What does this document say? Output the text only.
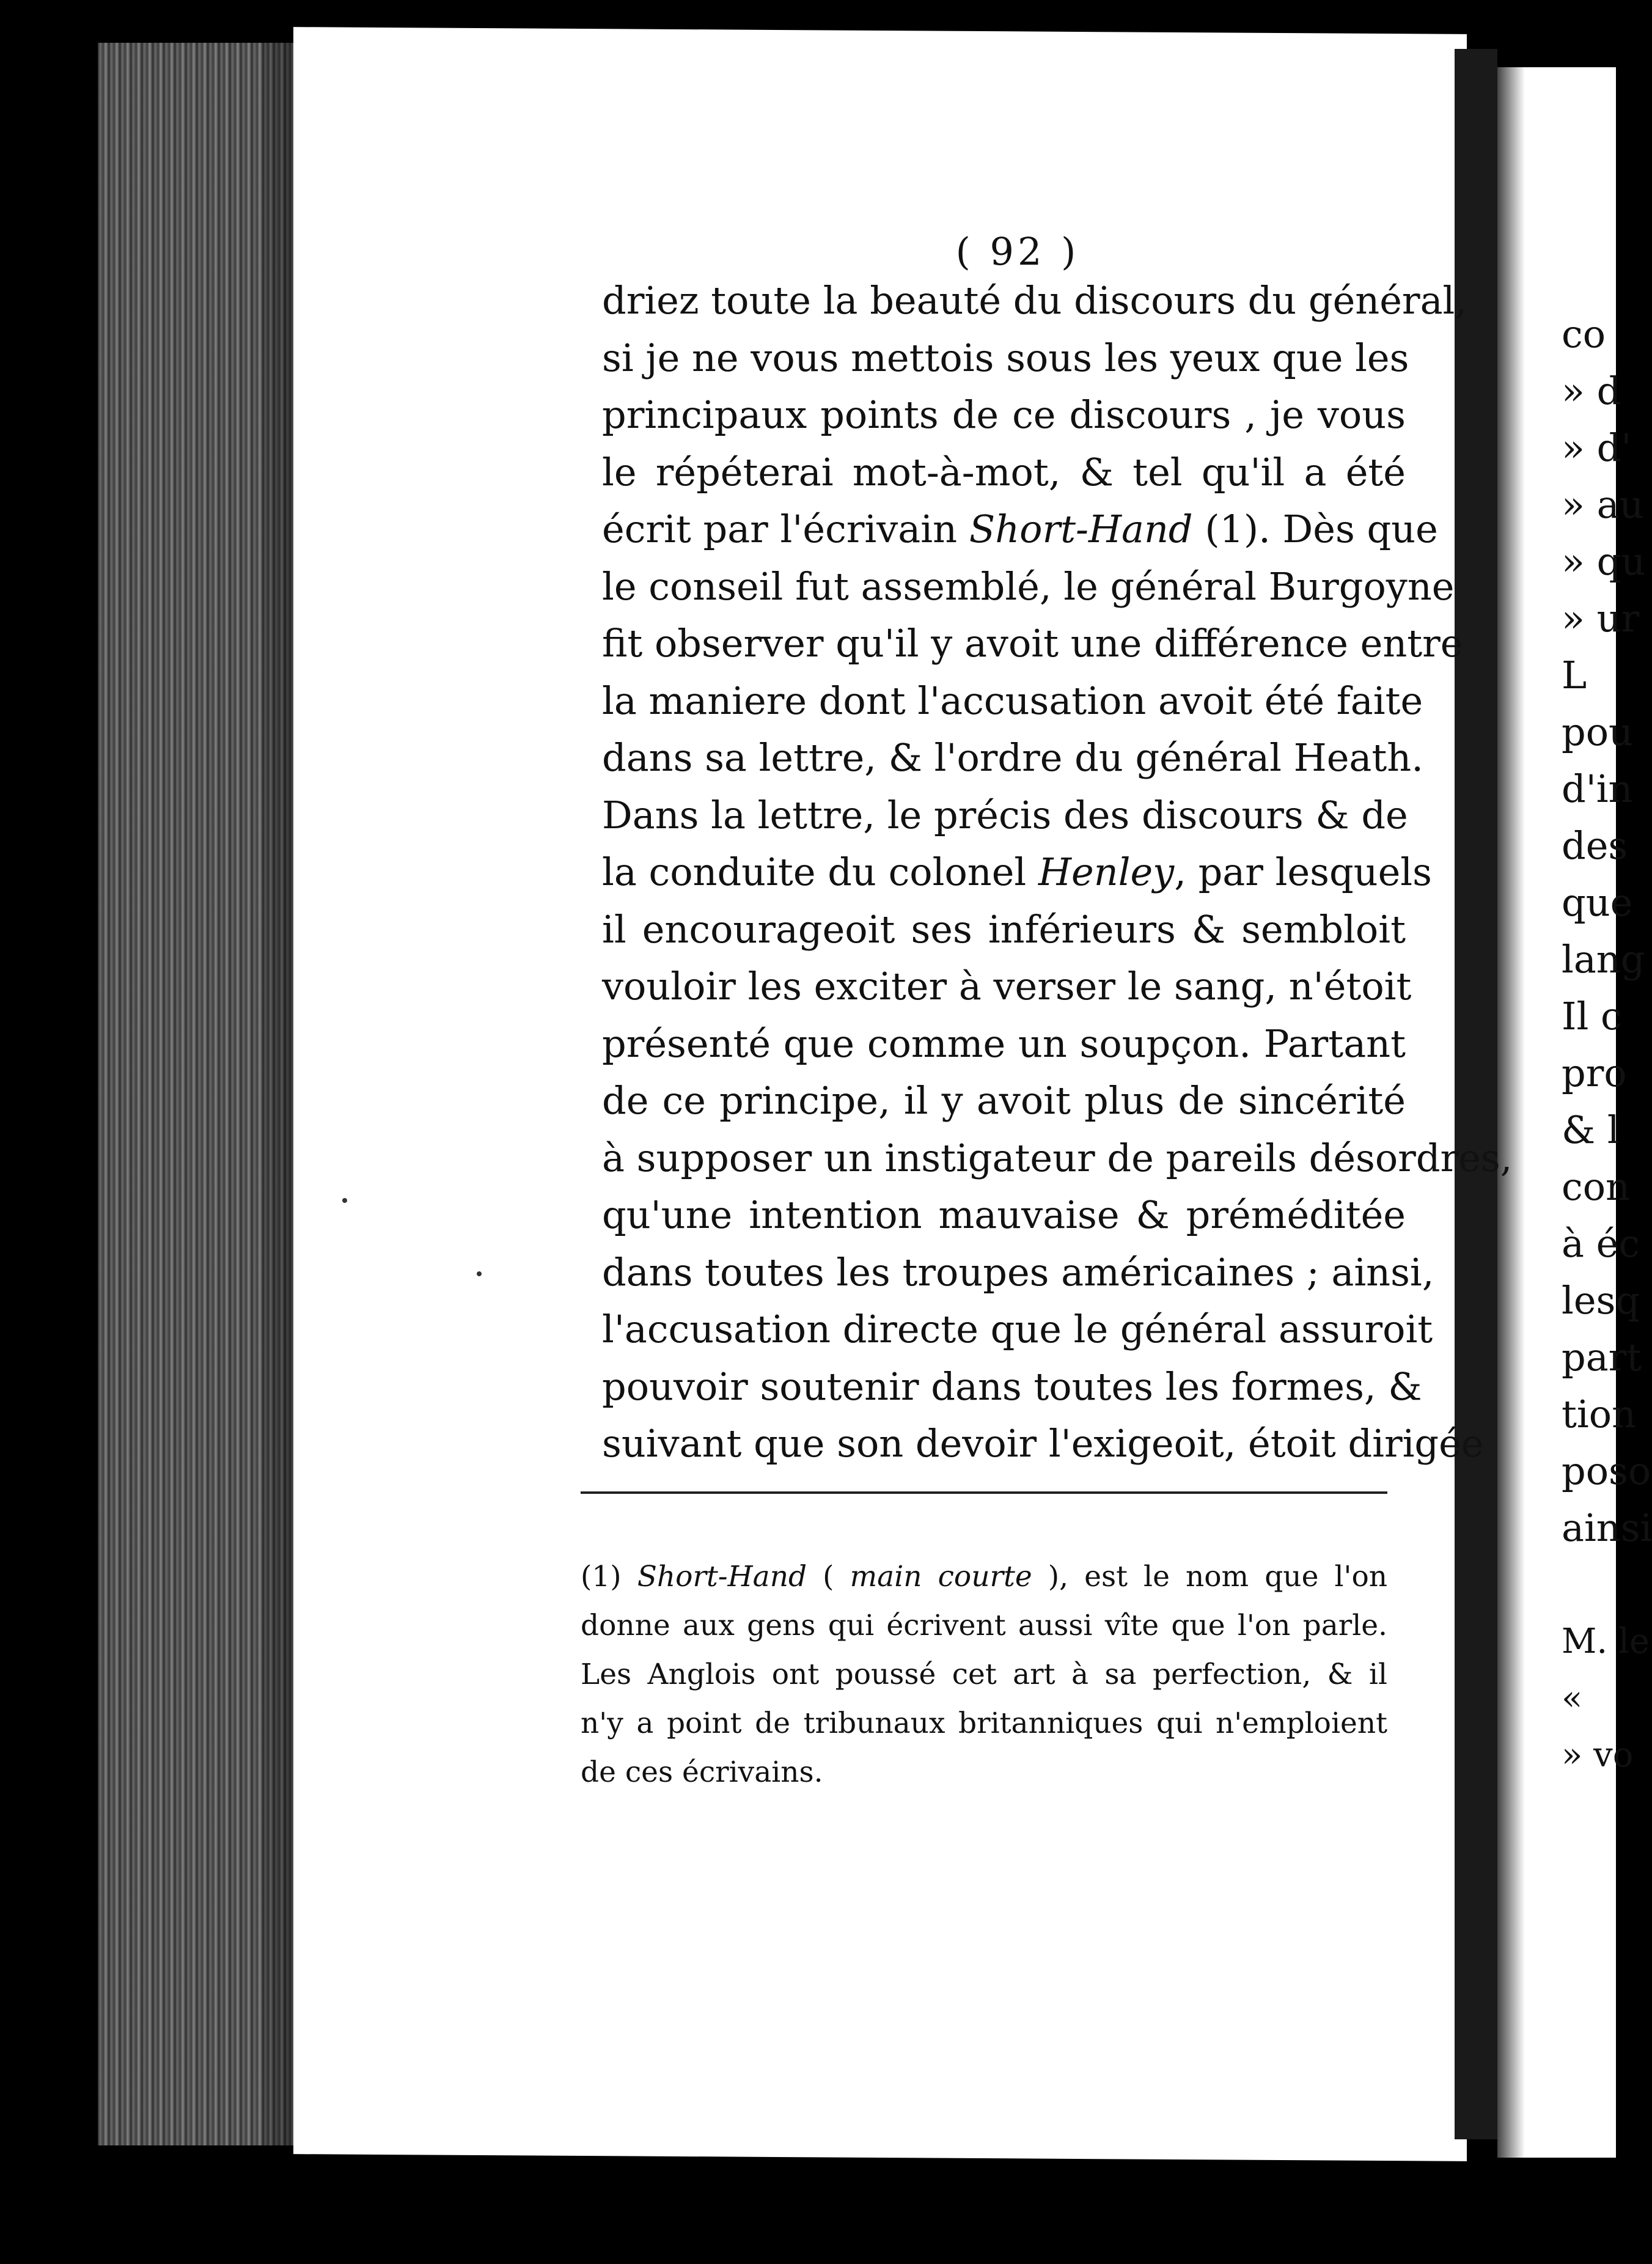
( 92 )
driez toute la beauté du discours du général,
si je ne vous mettois sous les yeux que les
principaux points de ce discours , je vous
le répéterai mot-à-mot, & tel qu'il a été
écrit par l'écrivain Short-Hand (1). Dès que
le conseil fut assemblé, le général Burgoyne
fit observer qu'il y avoit une différence entre
la maniere dont l'accusation avoit été faite
dans sa lettre, & l'ordre du général Heath.
Dans la lettre, le précis des discours & de
la conduite du colonel Henley, par lesquels
il encourageoit ses inférieurs & sembloit
vouloir les exciter à verser le sang, n'étoit
présenté que comme un soupçon. Partant
de ce principe, il y avoit plus de sincérité
à supposer un instigateur de pareils désordres,
qu'une intention mauvaise & préméditée
dans toutes les troupes américaines ; ainsi,
l'accusation directe que le général assuroit
pouvoir soutenir dans toutes les formes, &
suivant que son devoir l'exigeoit, étoit dirigée
(1) Short-Hand ( main courte ), est le nom que l'on
donne aux gens qui écrivent aussi vîte que l'on parle.
Les Anglois ont poussé cet art à sa perfection, & il
n'y a point de tribunaux britanniques qui n'emploient
de ces écrivains.
co
» d
» d'
» au
» qu
» ur
L
pou
d'in
des
que
lang
Il c
pro
& l
con
à éc
lesq
part
tion
poso
ainsi
M. le
«
» vo
